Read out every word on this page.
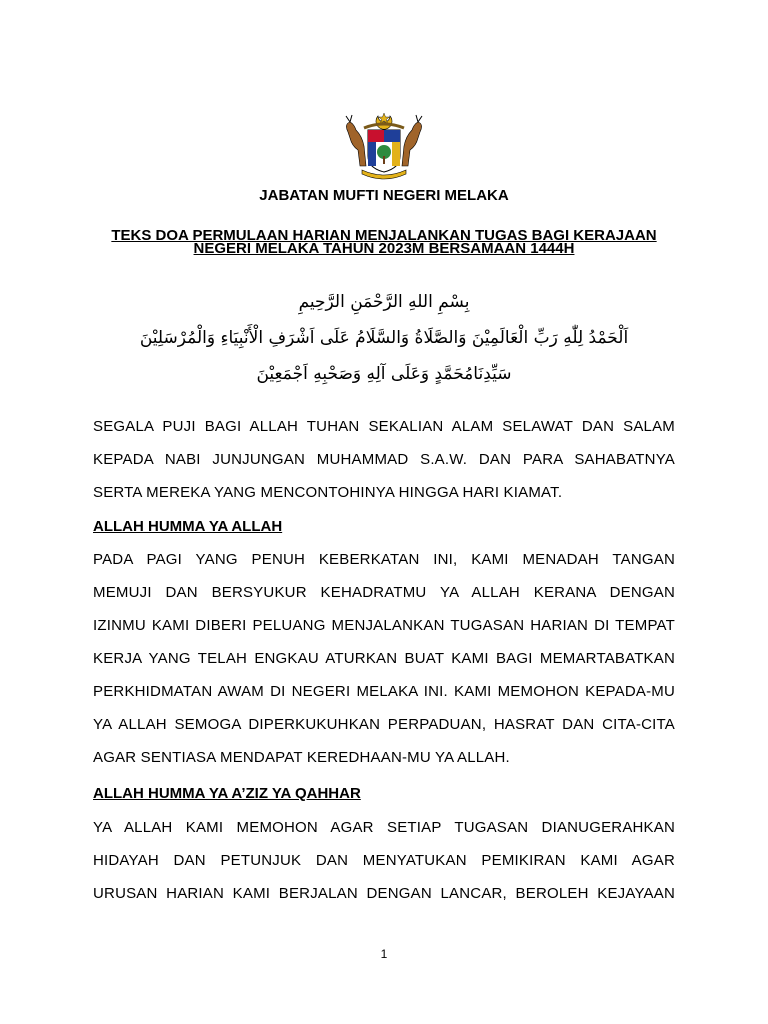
JABATAN MUFTI NEGERI MELAKA
TEKS DOA PERMULAAN HARIAN MENJALANKAN TUGAS BAGI KERAJAAN
NEGERI MELAKA TAHUN 2023M BERSAMAAN 1444H
بِسْمِ اللهِ الرَّحْمَنِ الرَّحِيمِ
اَلْحَمْدُ لِلّٰهِ رَبِّ الْعَالَمِيْنَ وَالصَّلَاةُ وَالسَّلَامُ عَلَى اَشْرَفِ الْأَنْبِيَاءِ وَالْمُرْسَلِيْنَ
سَيِّدِنَامُحَمَّدٍ وَعَلَى آلِهِ وَصَحْبِهِ اَجْمَعِيْنَ
SEGALA PUJI BAGI ALLAH TUHAN SEKALIAN ALAM SELAWAT DAN SALAM
KEPADA NABI JUNJUNGAN MUHAMMAD S.A.W. DAN PARA SAHABATNYA
SERTA MEREKA YANG MENCONTOHINYA HINGGA HARI KIAMAT.
ALLAH HUMMA YA ALLAH
PADA PAGI YANG PENUH KEBERKATAN INI, KAMI MENADAH TANGAN
MEMUJI DAN BERSYUKUR KEHADRATMU YA ALLAH KERANA DENGAN
IZINMU KAMI DIBERI PELUANG MENJALANKAN TUGASAN HARIAN DI TEMPAT
KERJA YANG TELAH ENGKAU ATURKAN BUAT KAMI BAGI MEMARTABATKAN
PERKHIDMATAN AWAM DI NEGERI MELAKA INI. KAMI MEMOHON KEPADA-MU
YA ALLAH SEMOGA DIPERKUKUHKAN PERPADUAN, HASRAT DAN CITA-CITA
AGAR SENTIASA MENDAPAT KEREDHAAN-MU YA ALLAH.
ALLAH HUMMA YA A’ZIZ YA QAHHAR
YA ALLAH KAMI MEMOHON AGAR SETIAP TUGASAN DIANUGERAHKAN
HIDAYAH DAN PETUNJUK DAN MENYATUKAN PEMIKIRAN KAMI AGAR
URUSAN HARIAN KAMI BERJALAN DENGAN LANCAR, BEROLEH KEJAYAAN
1
